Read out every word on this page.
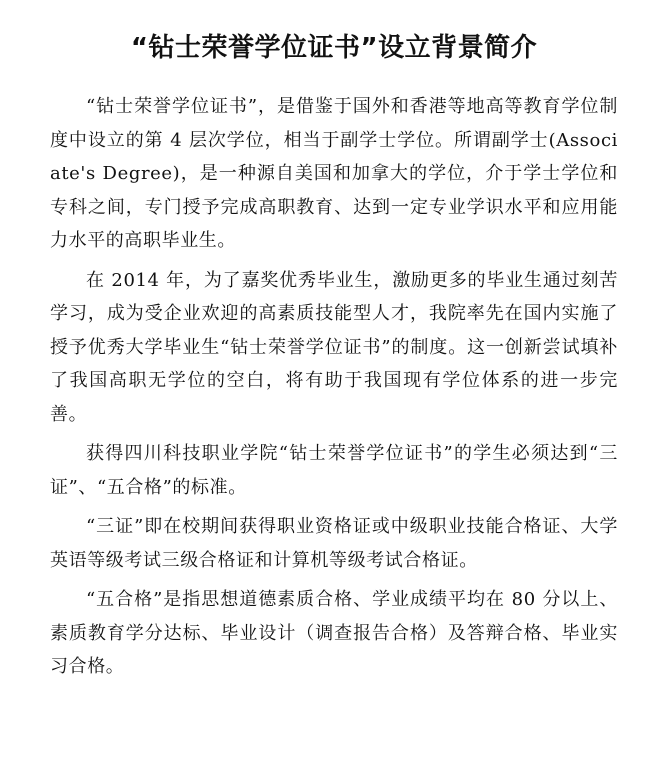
“钻士荣誉学位证书”设立背景简介

“钻士荣誉学位证书”，是借鉴于国外和香港等地高等教育学位制度中设立的第 4 层次学位，相当于副学士学位。所谓副学士(Associate's Degree)，是一种源自美国和加拿大的学位，介于学士学位和专科之间，专门授予完成高职教育、达到一定专业学识水平和应用能力水平的高职毕业生。

在 2014 年，为了嘉奖优秀毕业生，激励更多的毕业生通过刻苦学习，成为受企业欢迎的高素质技能型人才，我院率先在国内实施了授予优秀大学毕业生“钻士荣誉学位证书”的制度。这一创新尝试填补了我国高职无学位的空白，将有助于我国现有学位体系的进一步完善。

获得四川科技职业学院“钻士荣誉学位证书”的学生必须达到“三证”、“五合格”的标准。

“三证”即在校期间获得职业资格证或中级职业技能合格证、大学英语等级考试三级合格证和计算机等级考试合格证。

“五合格”是指思想道德素质合格、学业成绩平均在 80 分以上、素质教育学分达标、毕业设计（调查报告合格）及答辩合格、毕业实习合格。
